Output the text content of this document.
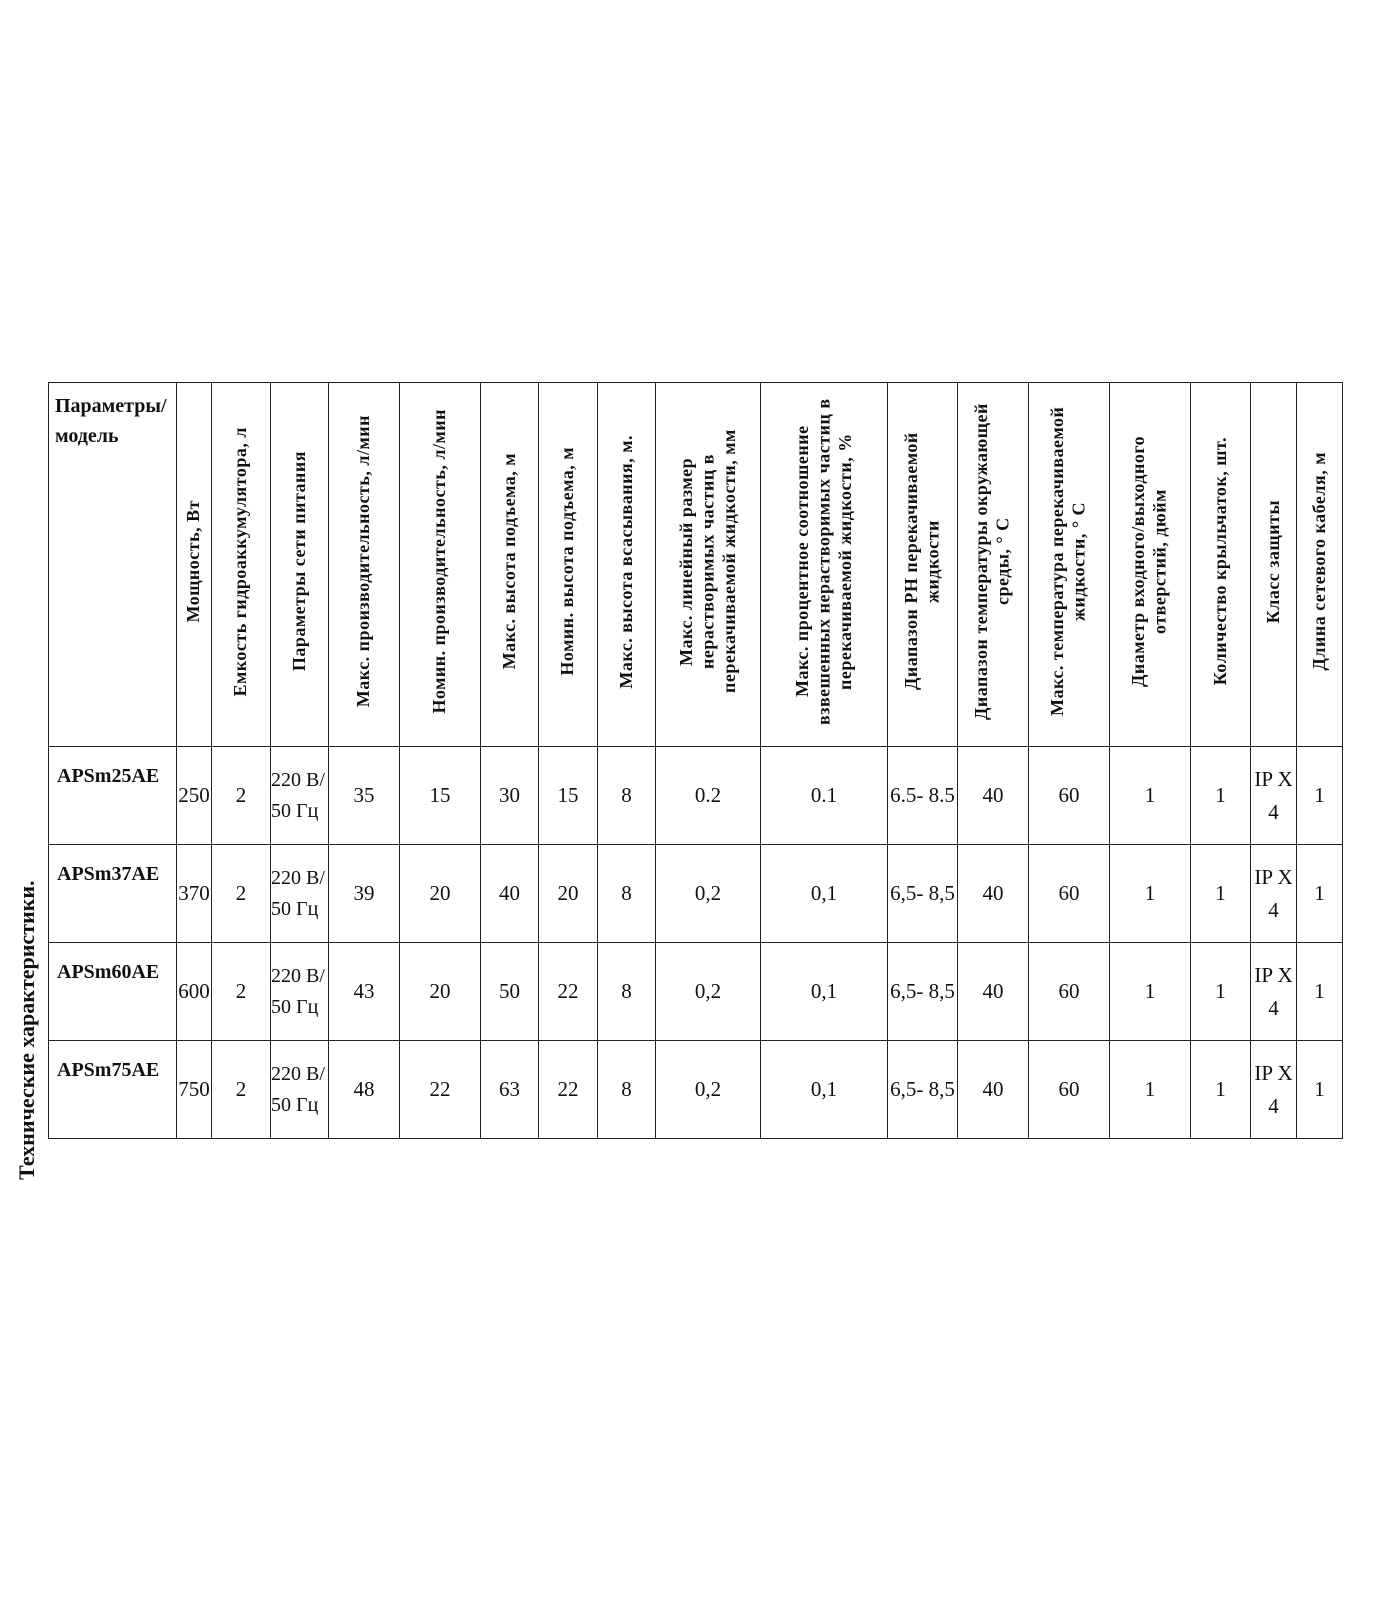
Технические характеристики.
Параметры/ модель	Мощность, Вт	Емкость гидроаккумулятора, л	Параметры сети питания	Макс. производительность, л/мин	Номин. производительность, л/мин	Макс. высота подъема, м	Номин. высота подъема, м	Макс. высота всасывания, м.	Макс. линейный размер нерастворимых частиц в перекачиваемой жидкости, мм	Макс. процентное соотношение взвешенных нерастворимых частиц в перекачиваемой жидкости, %	Диапазон PH перекачиваемой жидкости	Диапазон температуры окружающей среды, ° С	Макс. температура перекачиваемой жидкости, ° С	Диаметр входного/выходного отверстий, дюйм	Количество крыльчаток, шт.	Класс защиты	Длина сетевого кабеля, м
APSm25AE	250	2	220 В/ 50 Гц	35	15	30	15	8	0.2	0.1	6.5- 8.5	40	60	1	1	IP X 4	1
APSm37AE	370	2	220 В/ 50 Гц	39	20	40	20	8	0,2	0,1	6,5- 8,5	40	60	1	1	IP X 4	1
APSm60AE	600	2	220 В/ 50 Гц	43	20	50	22	8	0,2	0,1	6,5- 8,5	40	60	1	1	IP X 4	1
APSm75AE	750	2	220 В/ 50 Гц	48	22	63	22	8	0,2	0,1	6,5- 8,5	40	60	1	1	IP X 4	1
